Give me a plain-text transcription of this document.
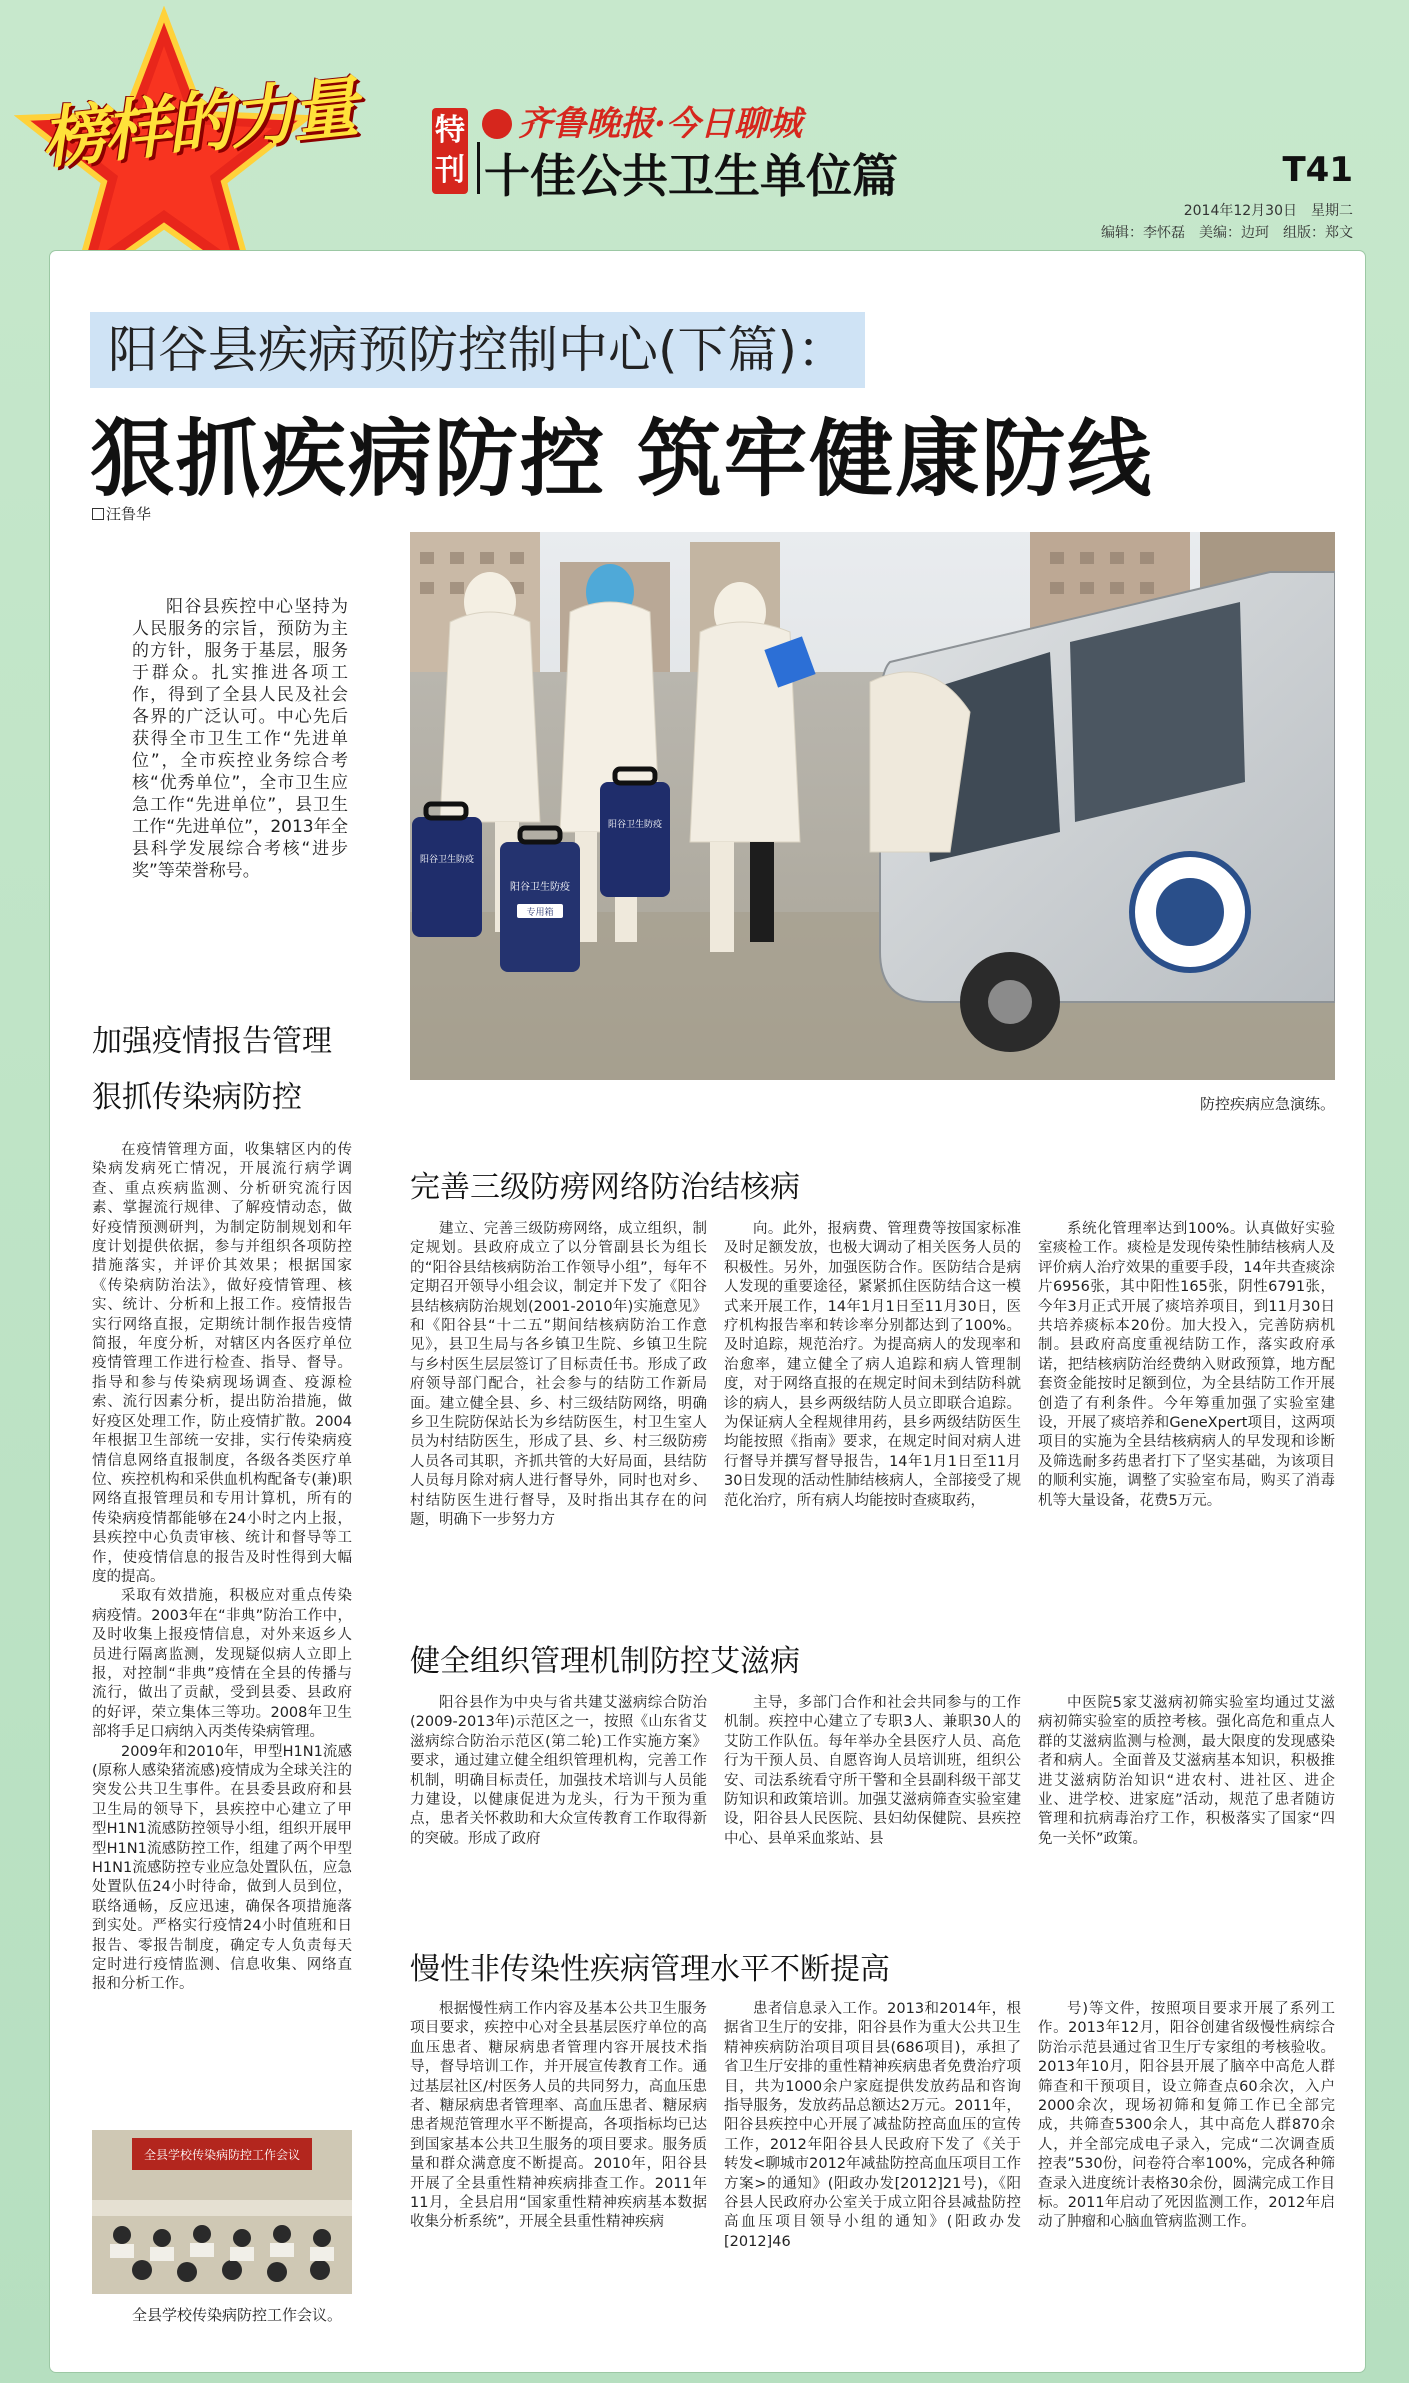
榜样的力量	特刊
齐鲁晚报·今日聊城
十佳公共卫生单位篇	T41
2014年12月30日　星期二
编辑：李怀磊　美编：边珂　组版：郑文
阳谷县疾病预防控制中心(下篇)：
狠抓疾病防控 筑牢健康防线
汪鲁华

阳谷县疾控中心坚持为人民服务的宗旨，预防为主的方针，服务于基层，服务于群众。扎实推进各项工作，得到了全县人民及社会各界的广泛认可。中心先后获得全市卫生工作“先进单位”，全市疾控业务综合考核“优秀单位”，全市卫生应急工作“先进单位”，县卫生工作“先进单位”，2013年全县科学发展综合考核“进步奖”等荣誉称号。

阳谷卫生防疫
阳谷卫生防疫
专用箱
阳谷卫生防疫
防控疾病应急演练。
加强疫情报告管理
狠抓传染病防控

在疫情管理方面，收集辖区内的传染病发病死亡情况，开展流行病学调查、重点疾病监测、分析研究流行因素、掌握流行规律、了解疫情动态，做好疫情预测研判，为制定防制规划和年度计划提供依据，参与并组织各项防控措施落实，并评价其效果；根据国家《传染病防治法》，做好疫情管理、核实、统计、分析和上报工作。疫情报告实行网络直报，定期统计制作报告疫情简报，年度分析，对辖区内各医疗单位疫情管理工作进行检查、指导、督导。指导和参与传染病现场调查、疫源检索、流行因素分析，提出防治措施，做好疫区处理工作，防止疫情扩散。2004年根据卫生部统一安排，实行传染病疫情信息网络直报制度，各级各类医疗单位、疾控机构和采供血机构配备专(兼)职网络直报管理员和专用计算机，所有的传染病疫情都能够在24小时之内上报，县疾控中心负责审核、统计和督导等工作，使疫情信息的报告及时性得到大幅度的提高。

采取有效措施，积极应对重点传染病疫情。2003年在“非典”防治工作中，及时收集上报疫情信息，对外来返乡人员进行隔离监测，发现疑似病人立即上报，对控制“非典”疫情在全县的传播与流行，做出了贡献，受到县委、县政府的好评，荣立集体三等功。2008年卫生部将手足口病纳入丙类传染病管理。

2009年和2010年，甲型H1N1流感(原称人感染猪流感)疫情成为全球关注的突发公共卫生事件。在县委县政府和县卫生局的领导下，县疾控中心建立了甲型H1N1流感防控领导小组，组织开展甲型H1N1流感防控工作，组建了两个甲型H1N1流感防控专业应急处置队伍，应急处置队伍24小时待命，做到人员到位，联络通畅，反应迅速，确保各项措施落到实处。严格实行疫情24小时值班和日报告、零报告制度，确定专人负责每天定时进行疫情监测、信息收集、网络直报和分析工作。

全县学校传染病防控工作会议
全县学校传染病防控工作会议。
完善三级防痨网络防治结核病

建立、完善三级防痨网络，成立组织，制定规划。县政府成立了以分管副县长为组长的“阳谷县结核病防治工作领导小组”，每年不定期召开领导小组会议，制定并下发了《阳谷县结核病防治规划(2001-2010年)实施意见》和《阳谷县“十二五”期间结核病防治工作意见》，县卫生局与各乡镇卫生院、乡镇卫生院与乡村医生层层签订了目标责任书。形成了政府领导部门配合，社会参与的结防工作新局面。建立健全县、乡、村三级结防网络，明确乡卫生院防保站长为乡结防医生，村卫生室人员为村结防医生，形成了县、乡、村三级防痨人员各司其职，齐抓共管的大好局面，县结防人员每月除对病人进行督导外，同时也对乡、村结防医生进行督导，及时指出其存在的问题，明确下一步努力方

向。此外，报病费、管理费等按国家标准及时足额发放，也极大调动了相关医务人员的积极性。另外，加强医防合作。医防结合是病人发现的重要途径，紧紧抓住医防结合这一模式来开展工作，14年1月1日至11月30日，医疗机构报告率和转诊率分别都达到了100%。及时追踪，规范治疗。为提高病人的发现率和治愈率，建立健全了病人追踪和病人管理制度，对于网络直报的在规定时间未到结防科就诊的病人，县乡两级结防人员立即联合追踪。为保证病人全程规律用药，县乡两级结防医生均能按照《指南》要求，在规定时间对病人进行督导并撰写督导报告，14年1月1日至11月30日发现的活动性肺结核病人，全部接受了规范化治疗，所有病人均能按时查痰取药，

系统化管理率达到100%。认真做好实验室痰检工作。痰检是发现传染性肺结核病人及评价病人治疗效果的重要手段，14年共查痰涂片6956张，其中阳性165张，阴性6791张，今年3月正式开展了痰培养项目，到11月30日共培养痰标本20份。加大投入，完善防病机制。县政府高度重视结防工作，落实政府承诺，把结核病防治经费纳入财政预算，地方配套资金能按时足额到位，为全县结防工作开展创造了有利条件。今年筹重加强了实验室建设，开展了痰培养和GeneXpert项目，这两项项目的实施为全县结核病病人的早发现和诊断及筛选耐多药患者打下了坚实基础，为该项目的顺利实施，调整了实验室布局，购买了消毒机等大量设备，花费5万元。

健全组织管理机制防控艾滋病

阳谷县作为中央与省共建艾滋病综合防治(2009-2013年)示范区之一，按照《山东省艾滋病综合防治示范区(第二轮)工作实施方案》要求，通过建立健全组织管理机构，完善工作机制，明确目标责任，加强技术培训与人员能力建设，以健康促进为龙头，行为干预为重点，患者关怀救助和大众宣传教育工作取得新的突破。形成了政府

主导，多部门合作和社会共同参与的工作机制。疾控中心建立了专职3人、兼职30人的艾防工作队伍。每年举办全县医疗人员、高危行为干预人员、自愿咨询人员培训班，组织公安、司法系统看守所干警和全县副科级干部艾防知识和政策培训。加强艾滋病筛查实验室建设，阳谷县人民医院、县妇幼保健院、县疾控中心、县单采血浆站、县

中医院5家艾滋病初筛实验室均通过艾滋病初筛实验室的质控考核。强化高危和重点人群的艾滋病监测与检测，最大限度的发现感染者和病人。全面普及艾滋病基本知识，积极推进艾滋病防治知识“进农村、进社区、进企业、进学校、进家庭”活动，规范了患者随访管理和抗病毒治疗工作，积极落实了国家“四免一关怀”政策。

慢性非传染性疾病管理水平不断提高

根据慢性病工作内容及基本公共卫生服务项目要求，疾控中心对全县基层医疗单位的高血压患者、糖尿病患者管理内容开展技术指导，督导培训工作，并开展宣传教育工作。通过基层社区/村医务人员的共同努力，高血压患者、糖尿病患者管理率、高血压患者、糖尿病患者规范管理水平不断提高，各项指标均已达到国家基本公共卫生服务的项目要求。服务质量和群众满意度不断提高。2010年，阳谷县开展了全县重性精神疾病排查工作。2011年11月，全县启用“国家重性精神疾病基本数据收集分析系统”，开展全县重性精神疾病

患者信息录入工作。2013和2014年，根据省卫生厅的安排，阳谷县作为重大公共卫生精神疾病防治项目项目县(686项目)，承担了省卫生厅安排的重性精神疾病患者免费治疗项目，共为1000余户家庭提供发放药品和咨询指导服务，发放药品总额达2万元。2011年，阳谷县疾控中心开展了减盐防控高血压的宣传工作，2012年阳谷县人民政府下发了《关于转发<聊城市2012年减盐防控高血压项目工作方案>的通知》(阳政办发[2012]21号)，《阳谷县人民政府办公室关于成立阳谷县减盐防控高血压项目领导小组的通知》(阳政办发[2012]46

号)等文件，按照项目要求开展了系列工作。2013年12月，阳谷创建省级慢性病综合防治示范县通过省卫生厅专家组的考核验收。2013年10月，阳谷县开展了脑卒中高危人群筛查和干预项目，设立筛查点60余次，入户2000余次，现场初筛和复筛工作已全部完成，共筛查5300余人，其中高危人群870余人，并全部完成电子录入，完成“二次调查质控表”530份，问卷符合率100%，完成各种筛查录入进度统计表格30余份，圆满完成工作目标。2011年启动了死因监测工作，2012年启动了肿瘤和心脑血管病监测工作。
